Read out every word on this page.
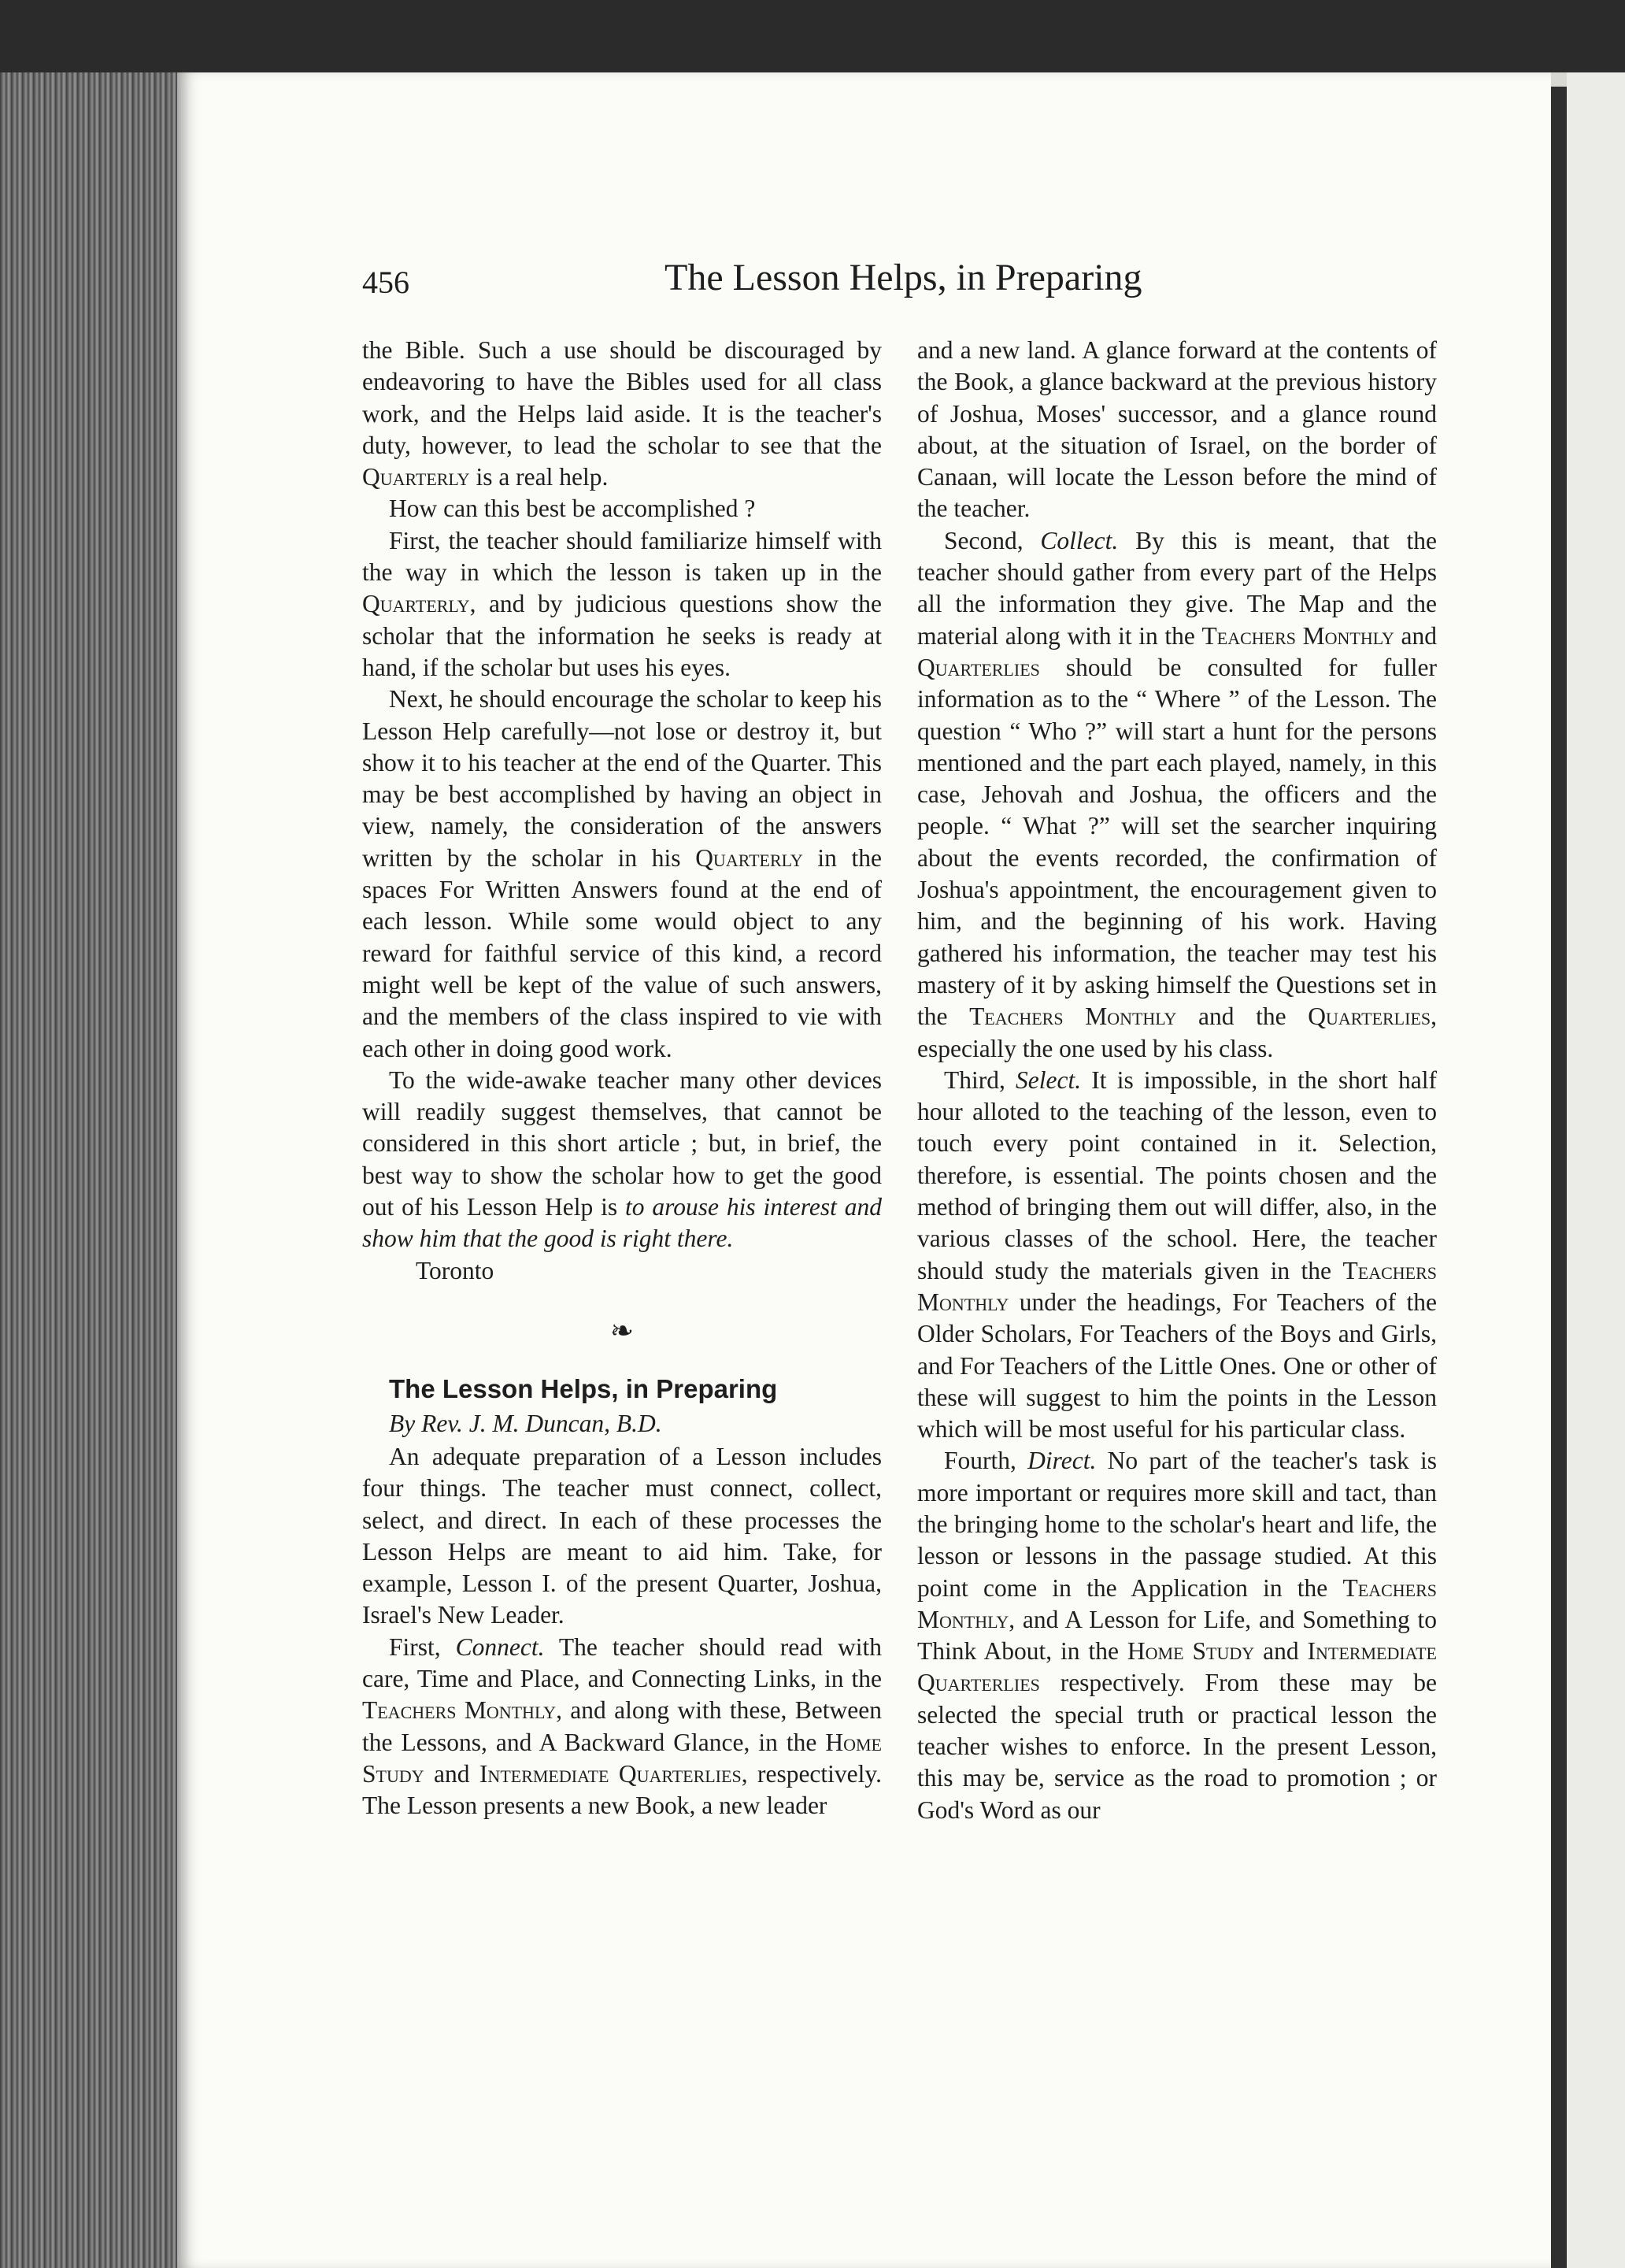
456	The Lesson Helps, in Preparing

the Bible. Such a use should be discouraged by endeavoring to have the Bibles used for all class work, and the Helps laid aside. It is the teacher's duty, however, to lead the scholar to see that the Quarterly is a real help.

How can this best be accomplished ?

First, the teacher should familiarize himself with the way in which the lesson is taken up in the Quarterly, and by judicious questions show the scholar that the information he seeks is ready at hand, if the scholar but uses his eyes.

Next, he should encourage the scholar to keep his Lesson Help carefully—not lose or destroy it, but show it to his teacher at the end of the Quarter. This may be best accomplished by having an object in view, namely, the consideration of the answers written by the scholar in his Quarterly in the spaces For Written Answers found at the end of each lesson. While some would object to any reward for faithful service of this kind, a record might well be kept of the value of such answers, and the members of the class inspired to vie with each other in doing good work.

To the wide-awake teacher many other devices will readily suggest themselves, that cannot be considered in this short article ; but, in brief, the best way to show the scholar how to get the good out of his Lesson Help is to arouse his interest and show him that the good is right there.

Toronto

❧

The Lesson Helps, in Preparing

By Rev. J. M. Duncan, B.D.

An adequate preparation of a Lesson includes four things. The teacher must connect, collect, select, and direct. In each of these processes the Lesson Helps are meant to aid him. Take, for example, Lesson I. of the present Quarter, Joshua, Israel's New Leader.

First, Connect. The teacher should read with care, Time and Place, and Connecting Links, in the Teachers Monthly, and along with these, Between the Lessons, and A Backward Glance, in the Home Study and Intermediate Quarterlies, respectively. The Lesson presents a new Book, a new leader

and a new land. A glance forward at the contents of the Book, a glance backward at the previous history of Joshua, Moses' successor, and a glance round about, at the situation of Israel, on the border of Canaan, will locate the Lesson before the mind of the teacher.

Second, Collect. By this is meant, that the teacher should gather from every part of the Helps all the information they give. The Map and the material along with it in the Teachers Monthly and Quarterlies should be consulted for fuller information as to the “ Where ” of the Lesson. The question “ Who ?” will start a hunt for the persons mentioned and the part each played, namely, in this case, Jehovah and Joshua, the officers and the people. “ What ?” will set the searcher inquiring about the events recorded, the confirmation of Joshua's appointment, the encouragement given to him, and the beginning of his work. Having gathered his information, the teacher may test his mastery of it by asking himself the Questions set in the Teachers Monthly and the Quarterlies, especially the one used by his class.

Third, Select. It is impossible, in the short half hour alloted to the teaching of the lesson, even to touch every point contained in it. Selection, therefore, is essential. The points chosen and the method of bringing them out will differ, also, in the various classes of the school. Here, the teacher should study the materials given in the Teachers Monthly under the headings, For Teachers of the Older Scholars, For Teachers of the Boys and Girls, and For Teachers of the Little Ones. One or other of these will suggest to him the points in the Lesson which will be most useful for his particular class.

Fourth, Direct. No part of the teacher's task is more important or requires more skill and tact, than the bringing home to the scholar's heart and life, the lesson or lessons in the passage studied. At this point come in the Application in the Teachers Monthly, and A Lesson for Life, and Something to Think About, in the Home Study and Intermediate Quarterlies respectively. From these may be selected the special truth or practical lesson the teacher wishes to enforce. In the present Lesson, this may be, service as the road to promotion ; or God's Word as our
